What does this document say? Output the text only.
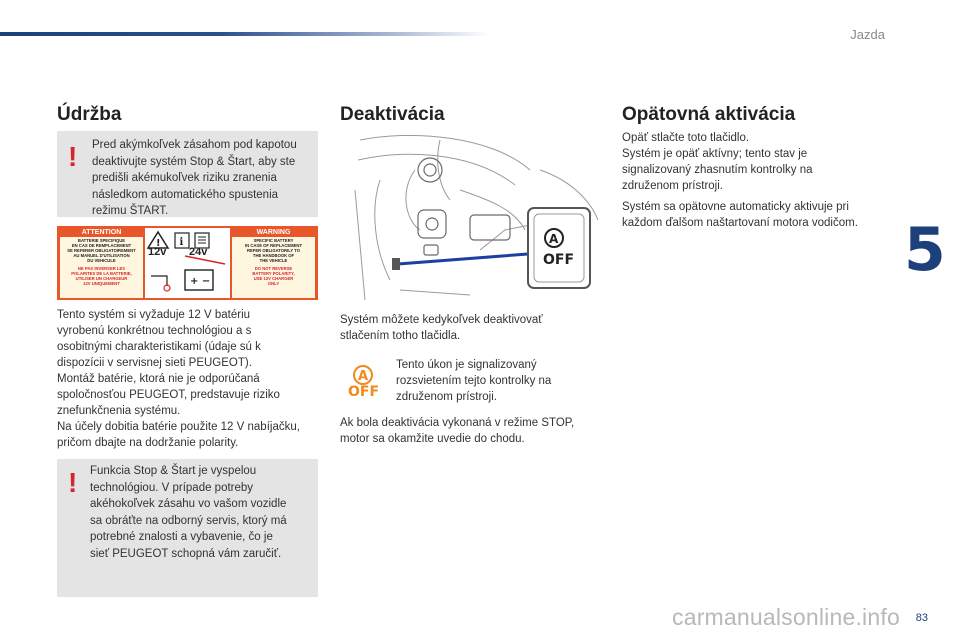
Jazda
5
Údržba
! Pred akýmkoľvek zásahom pod kapotou
deaktivujte systém Stop & Štart, aby ste
predišli akémukoľvek riziku zranenia
následkom automatického spustenia
režimu ŠTART.
ATTENTION
BATTERIE SPECIFIQUE
EN CAS DE REMPLACEMENT
SE REFERER OBLIGATOIREMENT
AU MANUEL D'UTILISATION
DU VEHICULE
NE PAS INVERSER LES
POLARITES DE LA BATTERIE,
UTILISER UN CHARGEUR
12V UNIQUEMENT
! i
+ −
12v 24v
WARNING
SPECIFIC BATTERY
IN CASE OF REPLACEMENT
REFER OBLIGATORILY TO
THE HANDBOOK OF
THE VEHICLE
DO NOT REVERSE
BATTERY POLARITY,
USE 12V CHARGER
ONLY
Tento systém si vyžaduje 12 V batériu
vyrobenú konkrétnou technológiou a s
osobitnými charakteristikami (údaje sú k
dispozícii v servisnej sieti PEUGEOT).
Montáž batérie, ktorá nie je odporúčaná
spoločnosťou PEUGEOT, predstavuje riziko
znefunkčnenia systému.
Na účely dobitia batérie použite 12 V nabíjačku,
pričom dbajte na dodržanie polarity.
! Funkcia Stop & Štart je vyspelou
technológiou. V prípade potreby
akéhokoľvek zásahu vo vašom vozidle
sa obráťte na odborný servis, ktorý má
potrebné znalosti a vybavenie, čo je
sieť PEUGEOT schopná vám zaručiť.
Deaktivácia
A
OFF
Systém môžete kedykoľvek deaktivovať
stlačením totho tlačidla.
A
OFF
Tento úkon je signalizovaný
rozsvietením tejto kontrolky na
združenom prístroji.
Ak bola deaktivácia vykonaná v režime STOP,
motor sa okamžite uvedie do chodu.
Opätovná aktivácia
Opäť stlačte toto tlačidlo.
Systém je opäť aktívny; tento stav je
signalizovaný zhasnutím kontrolky na
združenom prístroji.
Systém sa opätovne automaticky aktivuje pri
každom ďalšom naštartovaní motora vodičom.
83
carmanualsonline.info
